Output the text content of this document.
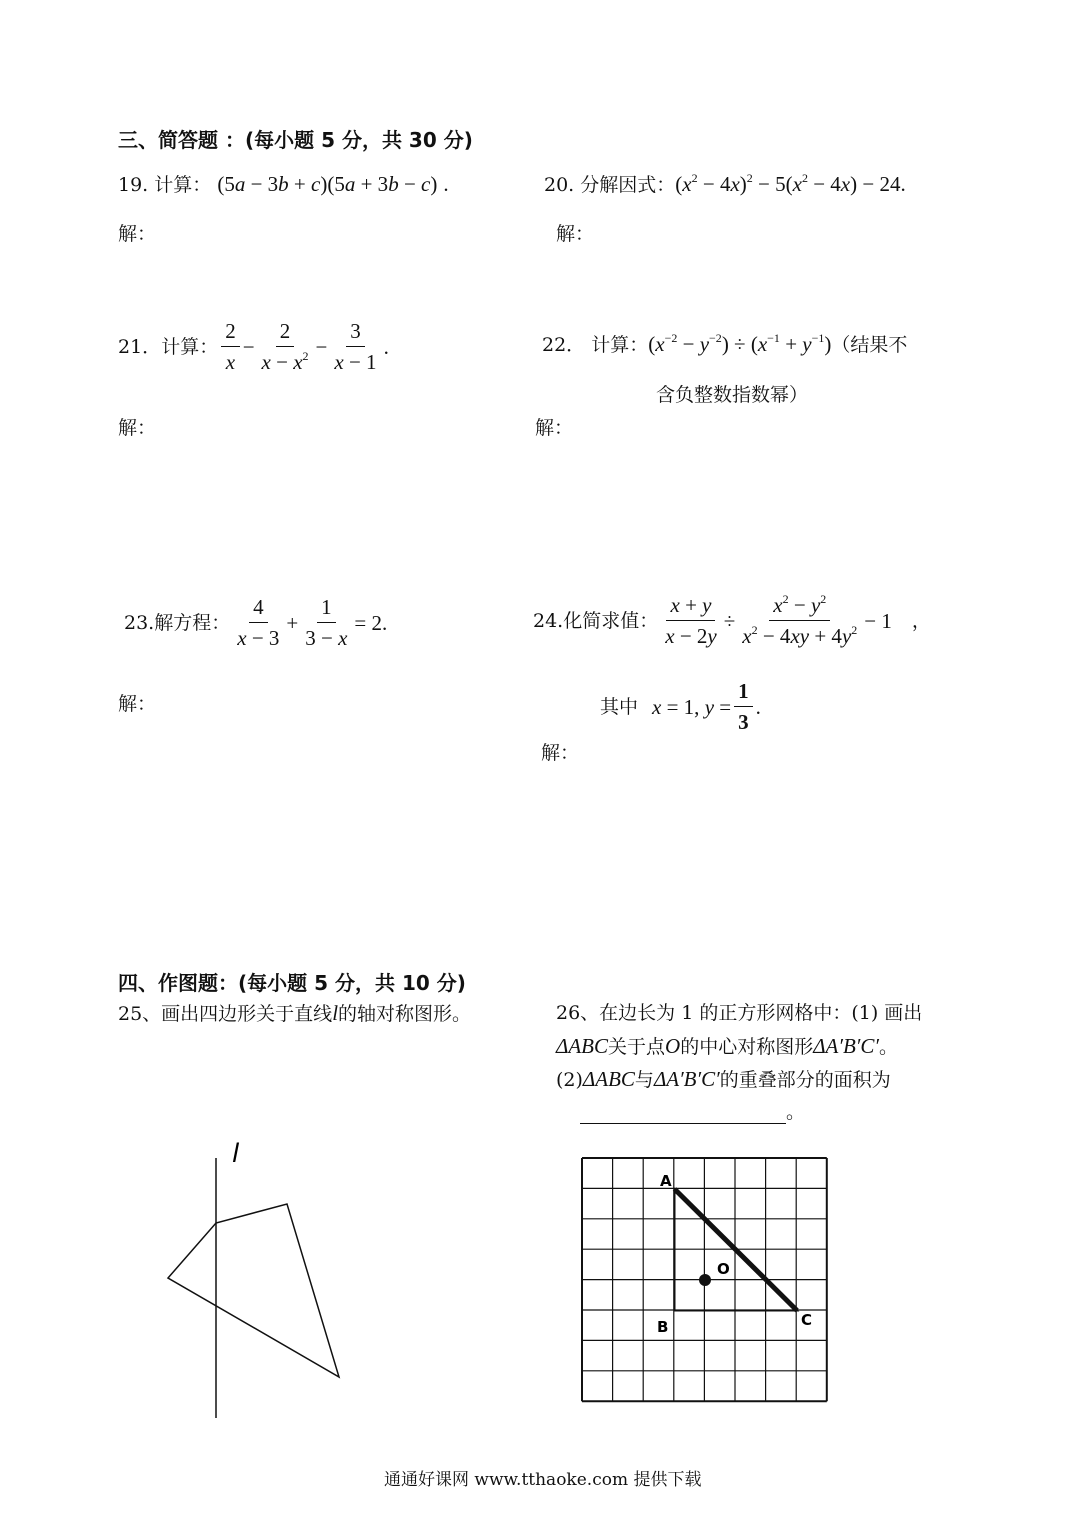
三、简答题 ：(每小题 5 分，共 30 分)
19. 计算： (5a − 3b + c)(5a + 3b − c) .
解：
20. 分解因式：$(x^2 - 4x)^2 - 5(x^2 - 4x) - 24$.
解：
21． 计算： $\frac{2}{x} - \frac{2}{x - x^2} - \frac{3}{x - 1}$ .
解：
22． 计算：$(x^{-2} - y^{-2}) \div (x^{-1} + y^{-1})$（结果不
含负整数指数幂）
解：
23. 解方程： $\frac{4}{x - 3} + \frac{1}{3 - x} = 2$ .
解：
24. 化简求值： $\frac{x + y}{x - 2y} \div \frac{x^2 - y^2}{x^2 - 4xy + 4y^2} - 1$ ，
其中 x = 1, $y = \frac{1}{3}$ .
解：
四、作图题：(每小题 5 分，共 10 分)
25、画出四边形关于直线l的轴对称图形。	26、在边长为 1 的正方形网格中：(1) 画出
ΔABC关于点O的中心对称图形ΔA′B′C′。
(2)ΔABC与ΔA′B′C′的重叠部分的面积为
。
l
A
B	C
O
通通好课网 www.tthaoke.com 提供下载
